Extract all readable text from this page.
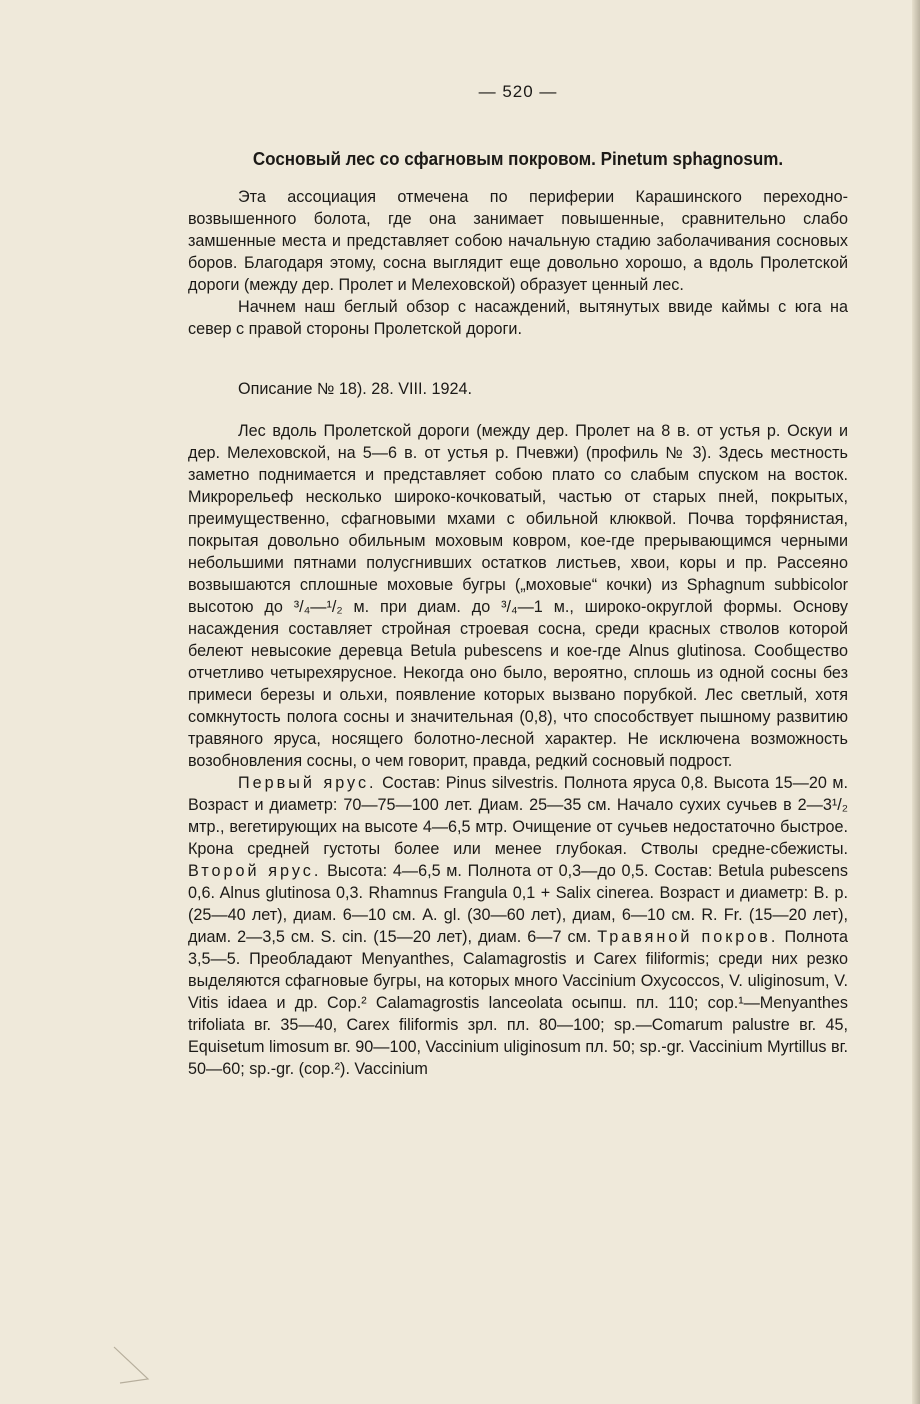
— 520 —
Сосновый лес со сфагновым покровом. Pinetum sphagnosum.

Эта ассоциация отмечена по периферии Карашинского переходно-возвышенного болота, где она занимает повышенные, сравнительно слабо замшенные места и представляет собою начальную стадию заболачивания сосновых боров. Благодаря этому, сосна выглядит еще довольно хорошо, а вдоль Пролетской дороги (между дер. Пролет и Мелеховской) образует ценный лес.

Начнем наш беглый обзор с насаждений, вытянутых ввиде каймы с юга на север с правой стороны Пролетской дороги.

Описание № 18). 28. VIII. 1924.

Лес вдоль Пролетской дороги (между дер. Пролет на 8 в. от устья р. Оскуи и дер. Мелеховской, на 5—6 в. от устья р. Пчевжи) (профиль № 3). Здесь местность заметно поднимается и представляет собою плато со слабым спуском на восток. Микрорельеф несколько широко-кочковатый, частью от старых пней, покрытых, преимущественно, сфагновыми мхами с обильной клюквой. Почва торфянистая, покрытая довольно обильным моховым ковром, кое-где прерывающимся черными небольшими пятнами полусгнивших остатков листьев, хвои, коры и пр. Рассеяно возвышаются сплошные моховые бугры („моховые“ кочки) из Sphagnum subbicolor высотою до ³/₄—¹/₂ м. при диам. до ³/₄—1 м., широко-округлой формы. Основу насаждения составляет стройная строевая сосна, среди красных стволов которой белеют невысокие деревца Betula pubescens и кое-где Alnus glutinosa. Сообщество отчетливо четырехярусное. Некогда оно было, вероятно, сплошь из одной сосны без примеси березы и ольхи, появление которых вызвано порубкой. Лес светлый, хотя сомкнутость полога сосны и значительная (0,8), что способствует пышному развитию травяного яруса, носящего болотно-лесной характер. Не исключена возможность возобновления сосны, о чем говорит, правда, редкий сосновый подрост.

Первый ярус. Состав: Pinus silvestris. Полнота яруса 0,8. Высота 15—20 м. Возраст и диаметр: 70—75—100 лет. Диам. 25—35 см. Начало сухих сучьев в 2—3¹/₂ мтр., вегетирующих на высоте 4—6,5 мтр. Очищение от сучьев недостаточно быстрое. Крона средней густоты более или менее глубокая. Стволы средне-сбежисты. Второй ярус. Высота: 4—6,5 м. Полнота от 0,3—до 0,5. Состав: Betula pubescens 0,6. Alnus glutinosa 0,3. Rhamnus Frangula 0,1 + Salix cinerea. Возраст и диаметр: B. p. (25—40 лет), диам. 6—10 см. A. gl. (30—60 лет), диам, 6—10 см. R. Fr. (15—20 лет), диам. 2—3,5 см. S. cin. (15—20 лет), диам. 6—7 см. Травяной покров. Полнота 3,5—5. Преобладают Menyanthes, Calamagrostis и Carex filiformis; среди них резко выделяются сфагновые бугры, на которых много Vaccinium Oxycoccos, V. uliginosum, V. Vitis idaea и др. Cop.² Calamagrostis lanceolata осыпш. пл. 110; cop.¹—Menyanthes trifoliata вг. 35—40, Carex filiformis зрл. пл. 80—100; sp.—Comarum palustre вг. 45, Equisetum limosum вг. 90—100, Vaccinium uliginosum пл. 50; sp.-gr. Vaccinium Myrtillus вг. 50—60; sp.-gr. (cop.²). Vaccinium
